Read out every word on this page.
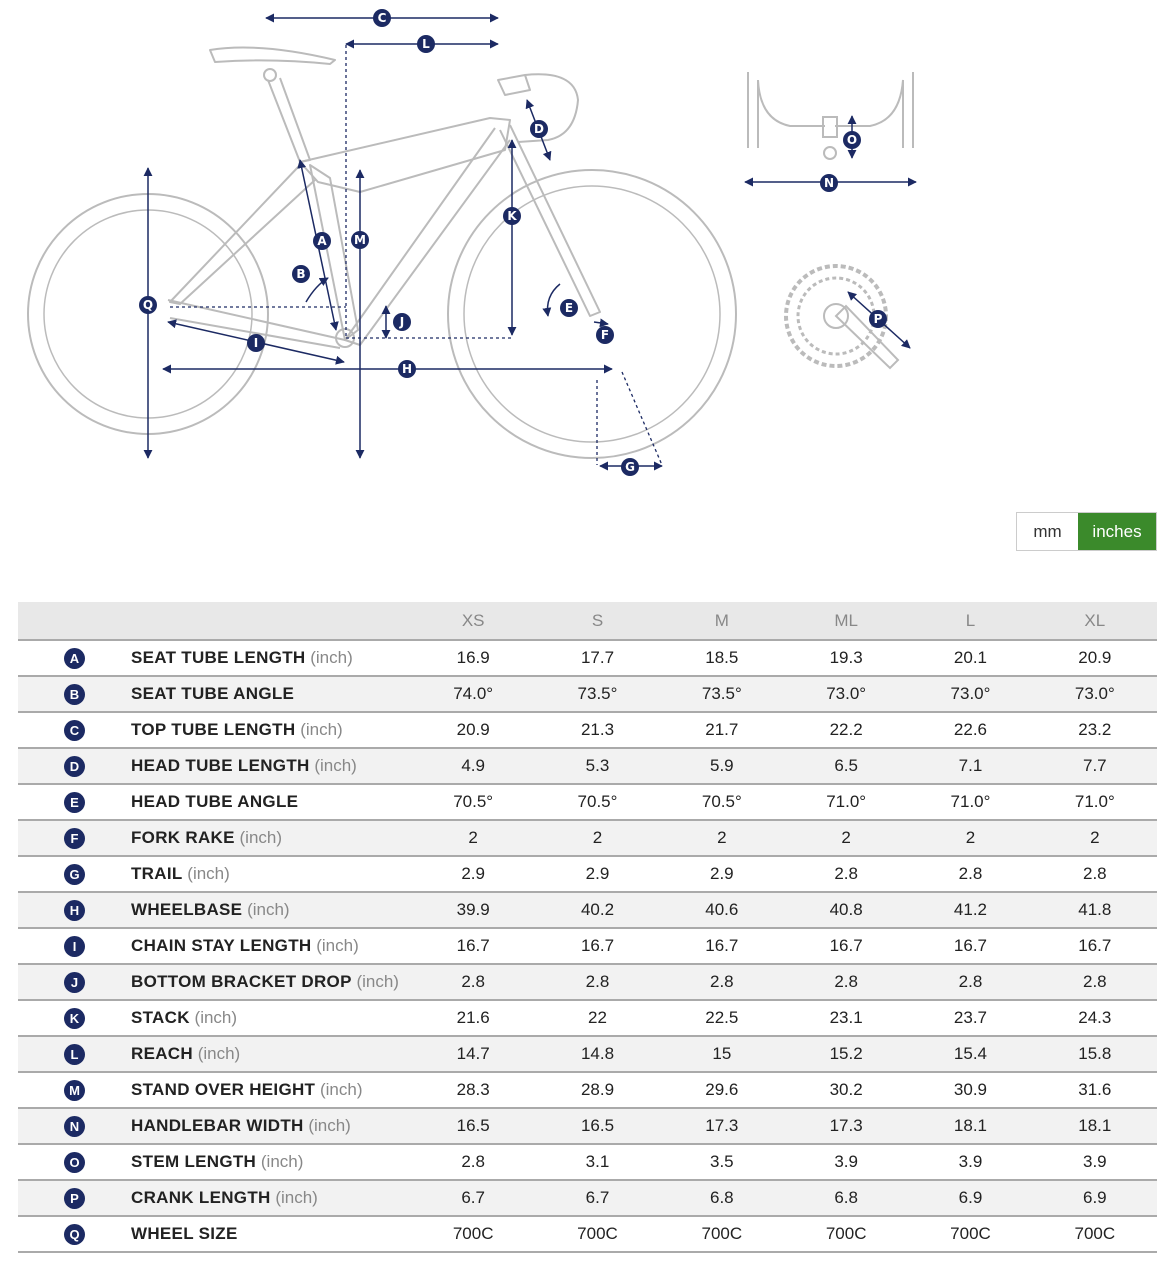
C
L
D
K
A M
B
Q	E
J
F
I
H
G
O
N
P
mm	inches
		XS	S	M	ML	L	XL
A	SEAT TUBE LENGTH (inch)	16.9	17.7	18.5	19.3	20.1	20.9
B	SEAT TUBE ANGLE	74.0°	73.5°	73.5°	73.0°	73.0°	73.0°
C	TOP TUBE LENGTH (inch)	20.9	21.3	21.7	22.2	22.6	23.2
D	HEAD TUBE LENGTH (inch)	4.9	5.3	5.9	6.5	7.1	7.7
E	HEAD TUBE ANGLE	70.5°	70.5°	70.5°	71.0°	71.0°	71.0°
F	FORK RAKE (inch)	2	2	2	2	2	2
G	TRAIL (inch)	2.9	2.9	2.9	2.8	2.8	2.8
H	WHEELBASE (inch)	39.9	40.2	40.6	40.8	41.2	41.8
I	CHAIN STAY LENGTH (inch)	16.7	16.7	16.7	16.7	16.7	16.7
J	BOTTOM BRACKET DROP (inch)	2.8	2.8	2.8	2.8	2.8	2.8
K	STACK (inch)	21.6	22	22.5	23.1	23.7	24.3
L	REACH (inch)	14.7	14.8	15	15.2	15.4	15.8
M	STAND OVER HEIGHT (inch)	28.3	28.9	29.6	30.2	30.9	31.6
N	HANDLEBAR WIDTH (inch)	16.5	16.5	17.3	17.3	18.1	18.1
O	STEM LENGTH (inch)	2.8	3.1	3.5	3.9	3.9	3.9
P	CRANK LENGTH (inch)	6.7	6.7	6.8	6.8	6.9	6.9
Q	WHEEL SIZE	700C	700C	700C	700C	700C	700C
